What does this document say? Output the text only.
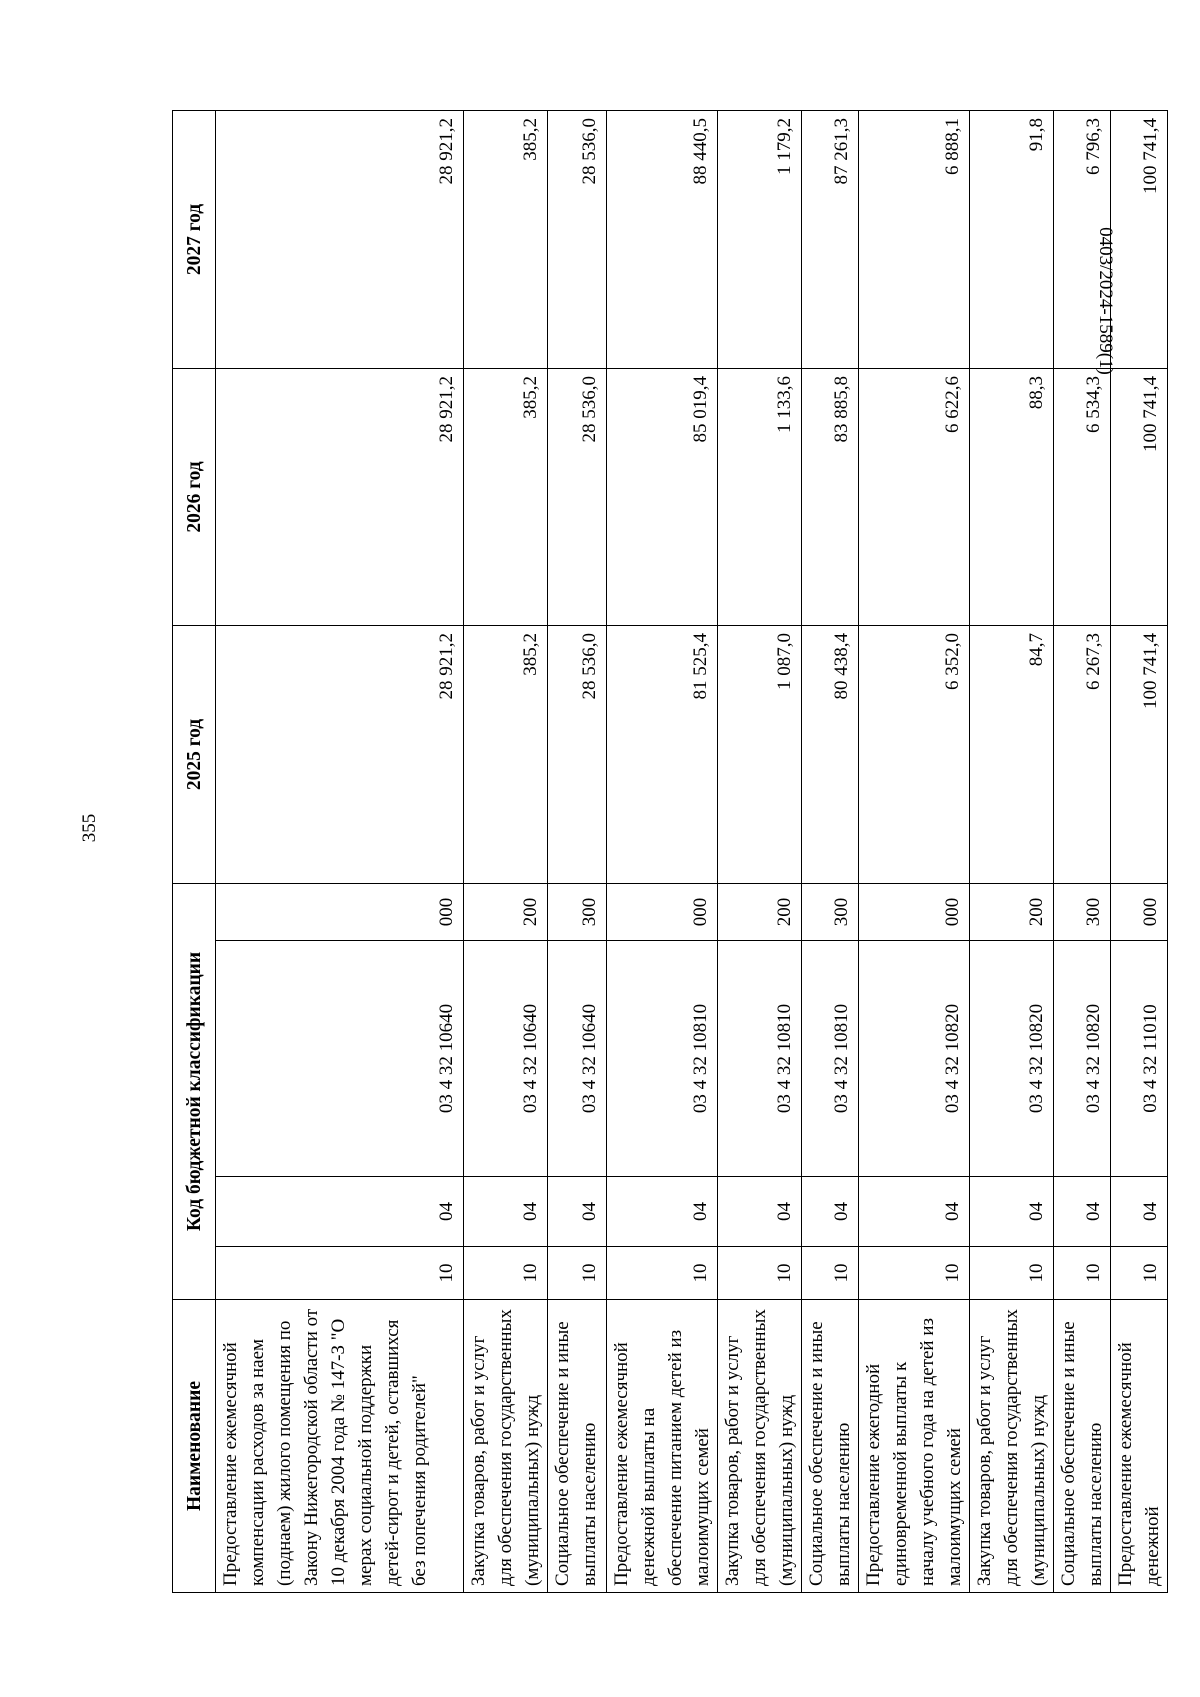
355
Наименование	Код бюджетной классификации				2025 год	2026 год	2027 год
Предоставление ежемесячной компенсации расходов за наем (поднаем) жилого помещения по Закону Нижегородской области от 10 декабря 2004 года № 147-З "О мерах социальной поддержки детей-сирот и детей, оставшихся без попечения родителей"	10	04	03 4 32 10640	000	28 921,2	28 921,2	28 921,2
Закупка товаров, работ и услуг для обеспечения государственных (муниципальных) нужд	10	04	03 4 32 10640	200	385,2	385,2	385,2
Социальное обеспечение и иные выплаты населению	10	04	03 4 32 10640	300	28 536,0	28 536,0	28 536,0
Предоставление ежемесячной денежной выплаты на обеспечение питанием детей из малоимущих семей	10	04	03 4 32 10810	000	81 525,4	85 019,4	88 440,5
Закупка товаров, работ и услуг для обеспечения государственных (муниципальных) нужд	10	04	03 4 32 10810	200	1 087,0	1 133,6	1 179,2
Социальное обеспечение и иные выплаты населению	10	04	03 4 32 10810	300	80 438,4	83 885,8	87 261,3
Предоставление ежегодной единовременной выплаты к началу учебного года на детей из малоимущих семей	10	04	03 4 32 10820	000	6 352,0	6 622,6	6 888,1
Закупка товаров, работ и услуг для обеспечения государственных (муниципальных) нужд	10	04	03 4 32 10820	200	84,7	88,3	91,8
Социальное обеспечение и иные выплаты населению	10	04	03 4 32 10820	300	6 267,3	6 534,3	6 796,3
Предоставление ежемесячной денежной	10	04	03 4 32 11010	000	100 741,4	100 741,4	100 741,4
0403/2024-1589(1)
